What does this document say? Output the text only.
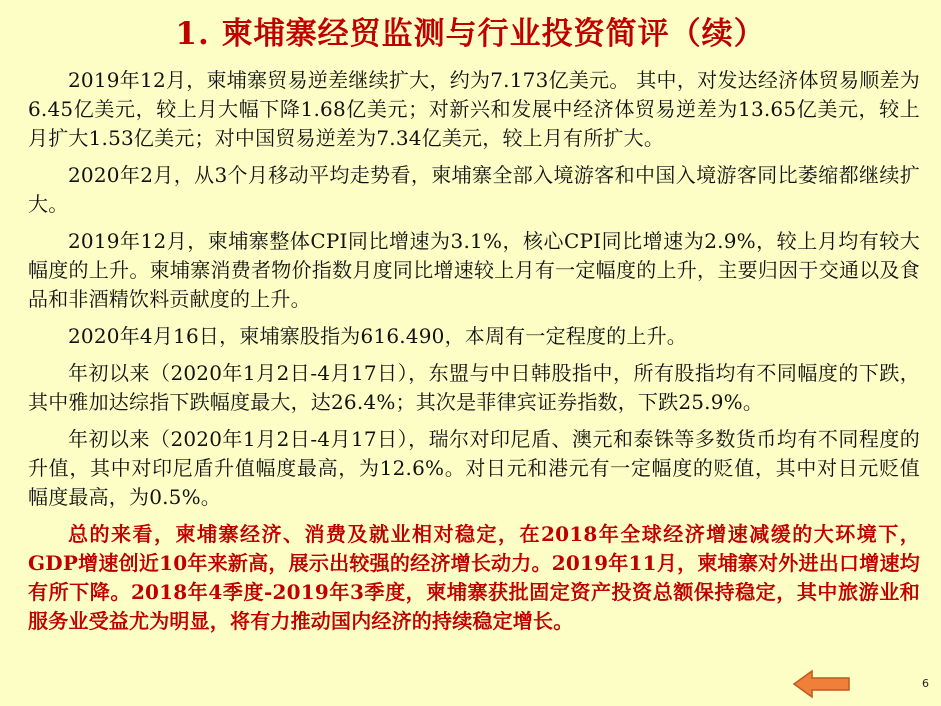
1. 柬埔寨经贸监测与行业投资简评（续）

2019年12月，柬埔寨贸易逆差继续扩大，约为7.173亿美元。 其中，对发达经济体贸易顺差为6.45亿美元，较上月大幅下降1.68亿美元；对新兴和发展中经济体贸易逆差为13.65亿美元，较上月扩大1.53亿美元；对中国贸易逆差为7.34亿美元，较上月有所扩大。

2020年2月，从3个月移动平均走势看，柬埔寨全部入境游客和中国入境游客同比萎缩都继续扩大。

2019年12月，柬埔寨整体CPI同比增速为3.1%，核心CPI同比增速为2.9%，较上月均有较大幅度的上升。柬埔寨消费者物价指数月度同比增速较上月有一定幅度的上升，主要归因于交通以及食品和非酒精饮料贡献度的上升。

2020年4月16日，柬埔寨股指为616.490，本周有一定程度的上升。

年初以来（2020年1月2日-4月17日），东盟与中日韩股指中，所有股指均有不同幅度的下跌，其中雅加达综指下跌幅度最大，达26.4%；其次是菲律宾证券指数，下跌25.9%。

年初以来（2020年1月2日-4月17日），瑞尔对印尼盾、澳元和泰铢等多数货币均有不同程度的升值，其中对印尼盾升值幅度最高，为12.6%。对日元和港元有一定幅度的贬值，其中对日元贬值幅度最高，为0.5%。

总的来看，柬埔寨经济、消费及就业相对稳定，在2018年全球经济增速减缓的大环境下，GDP增速创近10年来新高，展示出较强的经济增长动力。2019年11月，柬埔寨对外进出口增速均有所下降。2018年4季度-2019年3季度，柬埔寨获批固定资产投资总额保持稳定，其中旅游业和服务业受益尤为明显，将有力推动国内经济的持续稳定增长。

6
